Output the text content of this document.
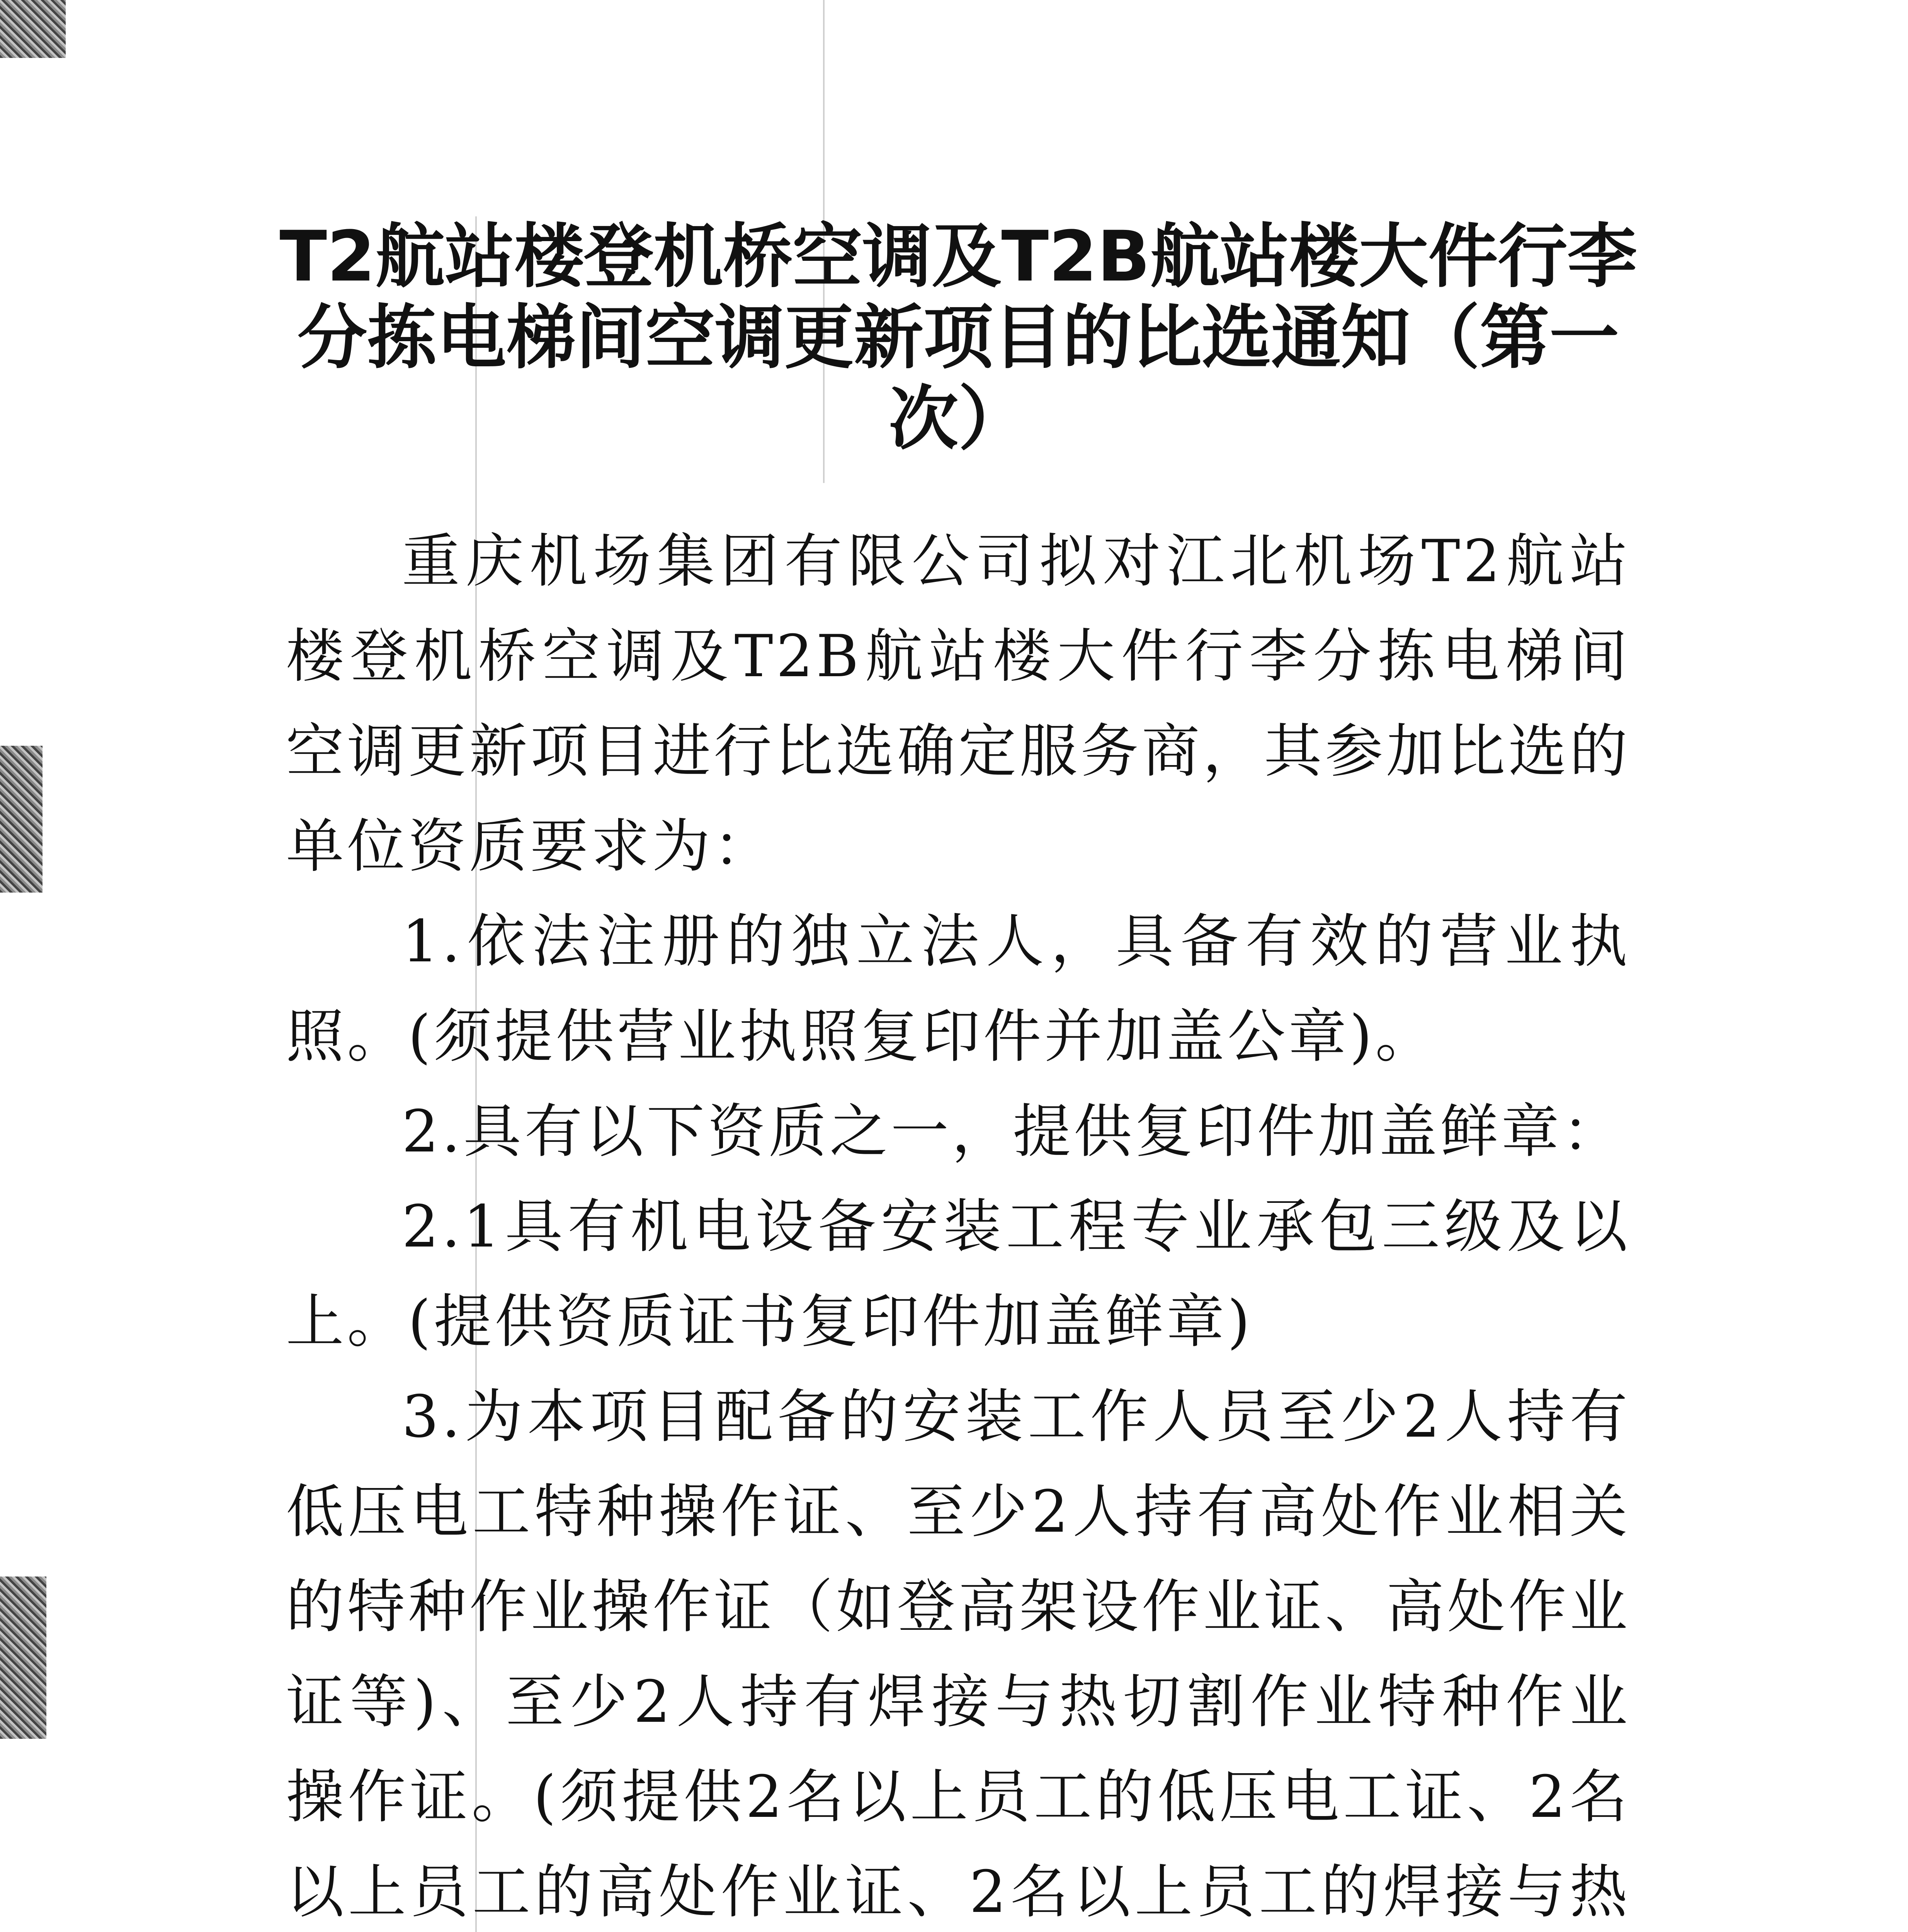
T2航站楼登机桥空调及T2B航站楼大件行李分拣电梯间空调更新项目的比选通知（第一次）

重庆机场集团有限公司拟对江北机场T2航站楼登机桥空调及T2B航站楼大件行李分拣电梯间空调更新项目进行比选确定服务商，其参加比选的单位资质要求为：

1.依法注册的独立法人，具备有效的营业执照。(须提供营业执照复印件并加盖公章)。

2.具有以下资质之一，提供复印件加盖鲜章：

2.1具有机电设备安装工程专业承包三级及以上。(提供资质证书复印件加盖鲜章)

3.为本项目配备的安装工作人员至少2人持有低压电工特种操作证、至少2人持有高处作业相关的特种作业操作证（如登高架设作业证、高处作业证等)、至少2人持有焊接与热切割作业特种作业操作证。(须提供2名以上员工的低压电工证、2名以上员工的高处作业证、2名以上员工的焊接与热
